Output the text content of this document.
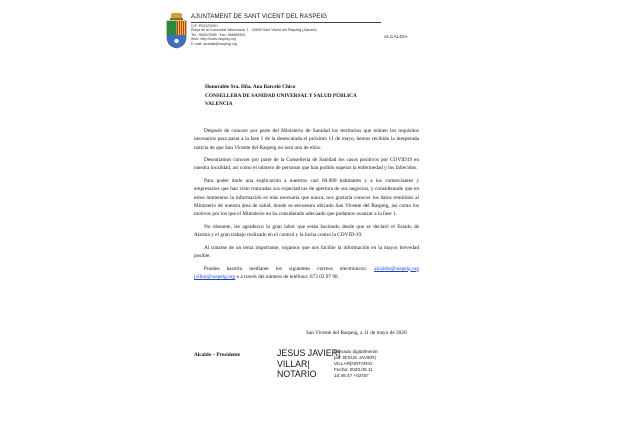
AJUNTAMENT DE SANT VICENT DEL RASPEIG
CIF: P0312200H
Plaça de la Comunitat Valenciana, 1 · 03690 Sant Vicent del Raspeig (Alacant)
Tel.: 965675065 · Fax: 965669601
Web: http://www.raspeig.org
E-mail: alcaldia@raspeig.org
ALCALDIA
Honorable Sra. Dña. Ana Barceló Chico
CONSELLERA DE SANIDAD UNIVERSAL Y SALUD PÚBLICA
VALENCIA

Después de conocer por parte del Ministerio de Sanidad los territorios que reúnen los requisitos necesarios para pasar a la fase 1 de la desescalada el próximo 11 de mayo, hemos recibido la inesperada noticia de que San Vicente del Raspeig no será uno de ellos.

Deseariamos conocer por parte de la Conselleria de Sanidad los casos positivos por COVID19 en nuestra localidad, así como el número de personas que han podido superar la enfermedad y los fallecidos.

Para poder darle una explicación a nuestros casi 60.000 habitantes y a los comerciantes y empresarios que han visto truncadas sus expectativas de apertura de sus negocios, y considerando que en estos momentos la información es más necesaria que nunca, nos gustaría conocer los datos remitidos al Ministerio de nuestra área de salud, donde se encuentra ubicado San Vicente del Raspeig, así como los motivos por los que el Ministerio no ha considerado adecuado que podamos avanzar a la fase 1.

No obstante, les agradezco la gran labor que están haciendo desde que se declaró el Estado de Alarma y el gran trabajo realizado en el control y la lucha contra la COVID-19.

Al tratarse de un tema importante, rogamos que nos facilite la información en la mayor brevedad posible.

Pueden hacerlo mediante los siguientes correos electrónicos: alcaldia@raspeig.org jvillar@raspeig.org o a través del número de teléfono: 673 03 97 98

San Vicente del Raspeig, a 11 de mayo de 2020
Alcalde – Presidente	JESUS JAVIER|
VILLAR|
NOTARIO
Firmado digitalmente
por JESUS JAVIER|
VILLAR|NOTARIO
Fecha: 2020.05.11
10:48:47 +02'00'
